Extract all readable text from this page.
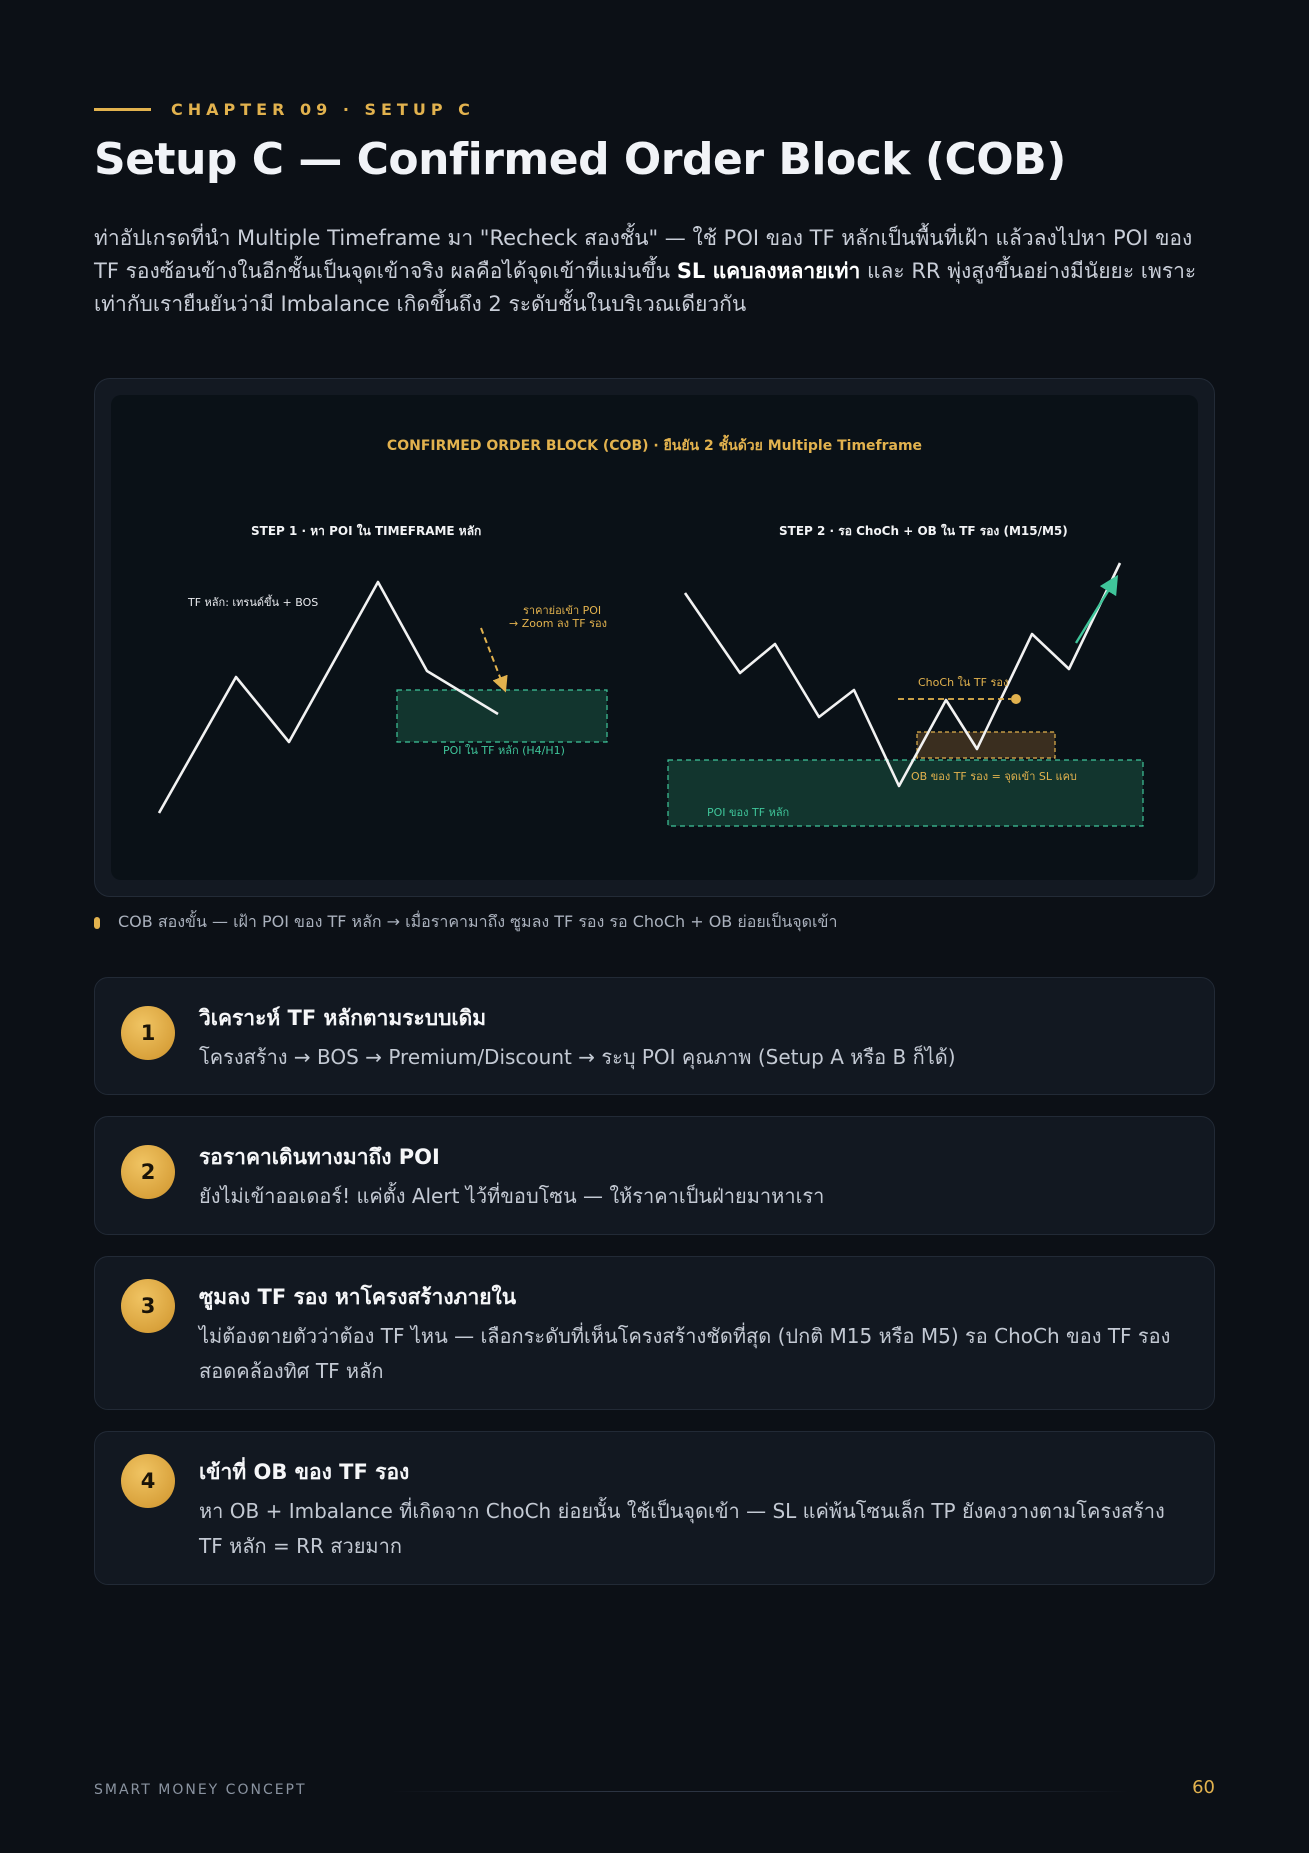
CHAPTER 09 · SETUP C
Setup C — Confirmed Order Block (COB)
ท่าอัปเกรดที่นำ Multiple Timeframe มา "Recheck สองชั้น" — ใช้ POI ของ TF หลักเป็นพื้นที่เฝ้า แล้วลงไปหา POI ของ TF รองซ้อนข้างในอีกชั้นเป็นจุดเข้าจริง ผลคือได้จุดเข้าที่แม่นขึ้น SL แคบลงหลายเท่า และ RR พุ่งสูงขึ้นอย่างมีนัยยะ เพราะเท่ากับเรายืนยันว่ามี Imbalance เกิดขึ้นถึง 2 ระดับชั้นในบริเวณเดียวกัน
CONFIRMED ORDER BLOCK (COB) · ยืนยัน 2 ชั้นด้วย Multiple Timeframe
STEP 1 · หา POI ใน TIMEFRAME หลัก	STEP 2 · รอ ChoCh + OB ใน TF รอง (M15/M5)
TF หลัก: เทรนด์ขึ้น + BOS
ราคาย่อเข้า POI
→ Zoom ลง TF รอง
POI ใน TF หลัก (H4/H1)
ChoCh ใน TF รอง
OB ของ TF รอง = จุดเข้า SL แคบ
POI ของ TF หลัก
COB สองขั้น — เฝ้า POI ของ TF หลัก → เมื่อราคามาถึง ซูมลง TF รอง รอ ChoCh + OB ย่อยเป็นจุดเข้า
1
วิเคราะห์ TF หลักตามระบบเดิม
โครงสร้าง → BOS → Premium/Discount → ระบุ POI คุณภาพ (Setup A หรือ B ก็ได้)
2
รอราคาเดินทางมาถึง POI
ยังไม่เข้าออเดอร์! แค่ตั้ง Alert ไว้ที่ขอบโซน — ให้ราคาเป็นฝ่ายมาหาเรา
3	ซูมลง TF รอง หาโครงสร้างภายใน
ไม่ต้องตายตัวว่าต้อง TF ไหน — เลือกระดับที่เห็นโครงสร้างชัดที่สุด (ปกติ M15 หรือ M5) รอ ChoCh ของ TF รองสอดคล้องทิศ TF หลัก
4	เข้าที่ OB ของ TF รอง
หา OB + Imbalance ที่เกิดจาก ChoCh ย่อยนั้น ใช้เป็นจุดเข้า — SL แค่พ้นโซนเล็ก TP ยังคงวางตามโครงสร้าง TF หลัก = RR สวยมาก
SMART MONEY CONCEPT	60
